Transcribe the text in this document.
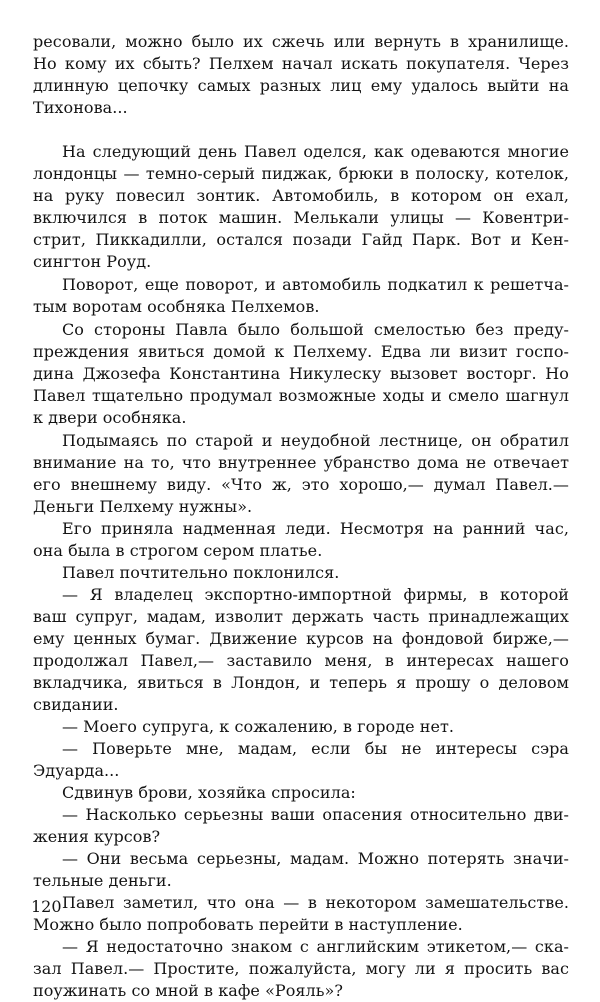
ресовали, можно было их сжечь или вернуть в хранилище.
Но кому их сбыть? Пелхем начал искать покупателя. Через
длинную цепочку самых разных лиц ему удалось выйти на
Тихонова...
На следующий день Павел оделся, как одеваются многие
лондонцы — темно-серый пиджак, брюки в полоску, котелок,
на руку повесил зонтик. Автомобиль, в котором он ехал,
включился в поток машин. Мелькали улицы — Ковентри-
стрит, Пиккадилли, остался позади Гайд Парк. Вот и Кен-
сингтон Роуд.
Поворот, еще поворот, и автомобиль подкатил к решетча-
тым воротам особняка Пелхемов.
Со стороны Павла было большой смелостью без преду-
преждения явиться домой к Пелхему. Едва ли визит госпо-
дина Джозефа Константина Никулеску вызовет восторг. Но
Павел тщательно продумал возможные ходы и смело шагнул
к двери особняка.
Подымаясь по старой и неудобной лестнице, он обратил
внимание на то, что внутреннее убранство дома не отвечает
его внешнему виду. «Что ж, это хорошо,— думал Павел.—
Деньги Пелхему нужны».
Его приняла надменная леди. Несмотря на ранний час,
она была в строгом сером платье.
Павел почтительно поклонился.
— Я владелец экспортно-импортной фирмы, в которой
ваш супруг, мадам, изволит держать часть принадлежащих
ему ценных бумаг. Движение курсов на фондовой бирже,—
продолжал Павел,— заставило меня, в интересах нашего
вкладчика, явиться в Лондон, и теперь я прошу о деловом
свидании.
— Моего супруга, к сожалению, в городе нет.
— Поверьте мне, мадам, если бы не интересы сэра
Эдуарда...
Сдвинув брови, хозяйка спросила:
— Насколько серьезны ваши опасения относительно дви-
жения курсов?
— Они весьма серьезны, мадам. Можно потерять значи-
тельные деньги.
Павел заметил, что она — в некотором замешательстве.
Можно было попробовать перейти в наступление.
— Я недостаточно знаком с английским этикетом,— ска-
зал Павел.— Простите, пожалуйста, могу ли я просить вас
поужинать со мной в кафе «Рояль»?
120
